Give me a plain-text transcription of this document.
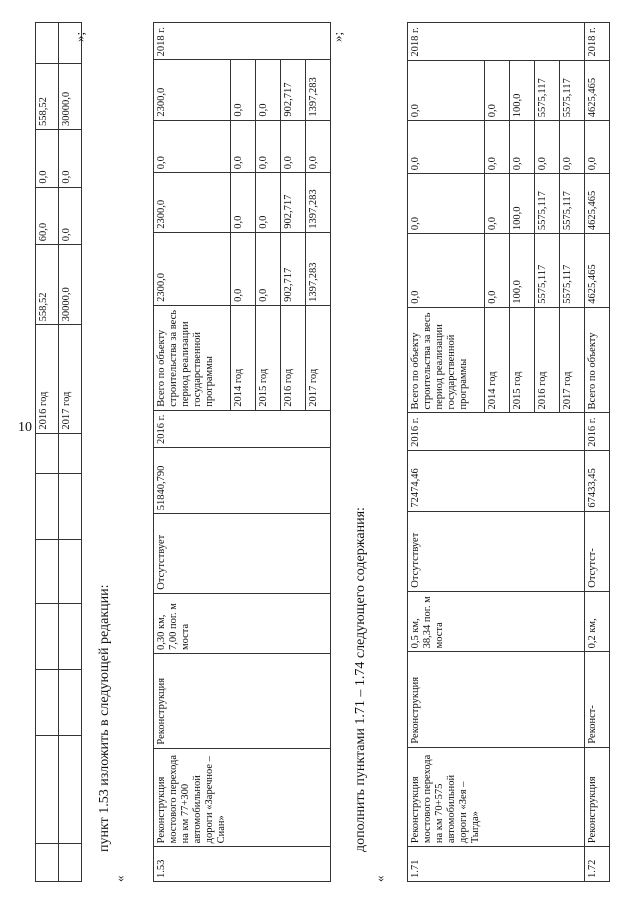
10
							2016 год	558,52	60,0	0,0	558,52	
							2017 год	30000,0	0,0	0,0	30000,0	
»;
«
пункт 1.53 изложить в следующей редакции:
1.53	Реконструкция мостового перехода на км 77+300 автомобильной дороги «Заречное – Сиан»	Реконструкция	0,30 км, 7,00 пог. м моста	Отсутствует	51840,790	2016 г.	Всего по объекту строительства за весь период реализации государственной программы	2300,0	2300,0	0,0	2300,0	2018 г.
							2014 год	0,0	0,0	0,0	0,0	
							2015 год	0,0	0,0	0,0	0,0	
							2016 год	902,717	902,717	0,0	902,717	
							2017 год	1397,283	1397,283	0,0	1397,283	
»;
«
дополнить пунктами 1.71 – 1.74 следующего содержания:
1.71	Реконструкция мостового перехода на км 70+575 автомобильной дороги «Зея – Тыгда»	Реконструкция	0,5 км, 38,34 пог. м моста	Отсутствует	72474,46	2016 г.	Всего по объекту строительства за весь период реализации государственной программы	0,0	0,0	0,0	0,0	2018 г.
							2014 год	0,0	0,0	0,0	0,0	
							2015 год	100,0	100,0	0,0	100,0	
							2016 год	5575,117	5575,117	0,0	5575,117	
							2017 год	5575,117	5575,117	0,0	5575,117	
1.72	Реконструкция	Реконст-	0,2 км,	Отсутст-	67433,45	2016 г.	Всего по объекту	4625,465	4625,465	0,0	4625,465	2018 г.
